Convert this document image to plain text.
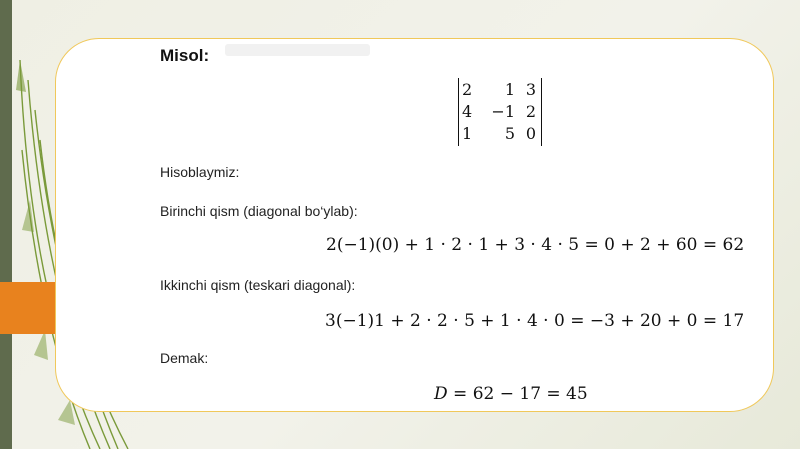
Misol:
2	1 3
4	−1 2
1	5 0
Hisoblaymiz:
Birinchi qism (diagonal bo‘ylab):
2(−1)(0) + 1 · 2 · 1 + 3 · 4 · 5 = 0 + 2 + 60 = 62
Ikkinchi qism (teskari diagonal):
3(−1)1 + 2 · 2 · 5 + 1 · 4 · 0 = −3 + 20 + 0 = 17
Demak:
D = 62 − 17 = 45
